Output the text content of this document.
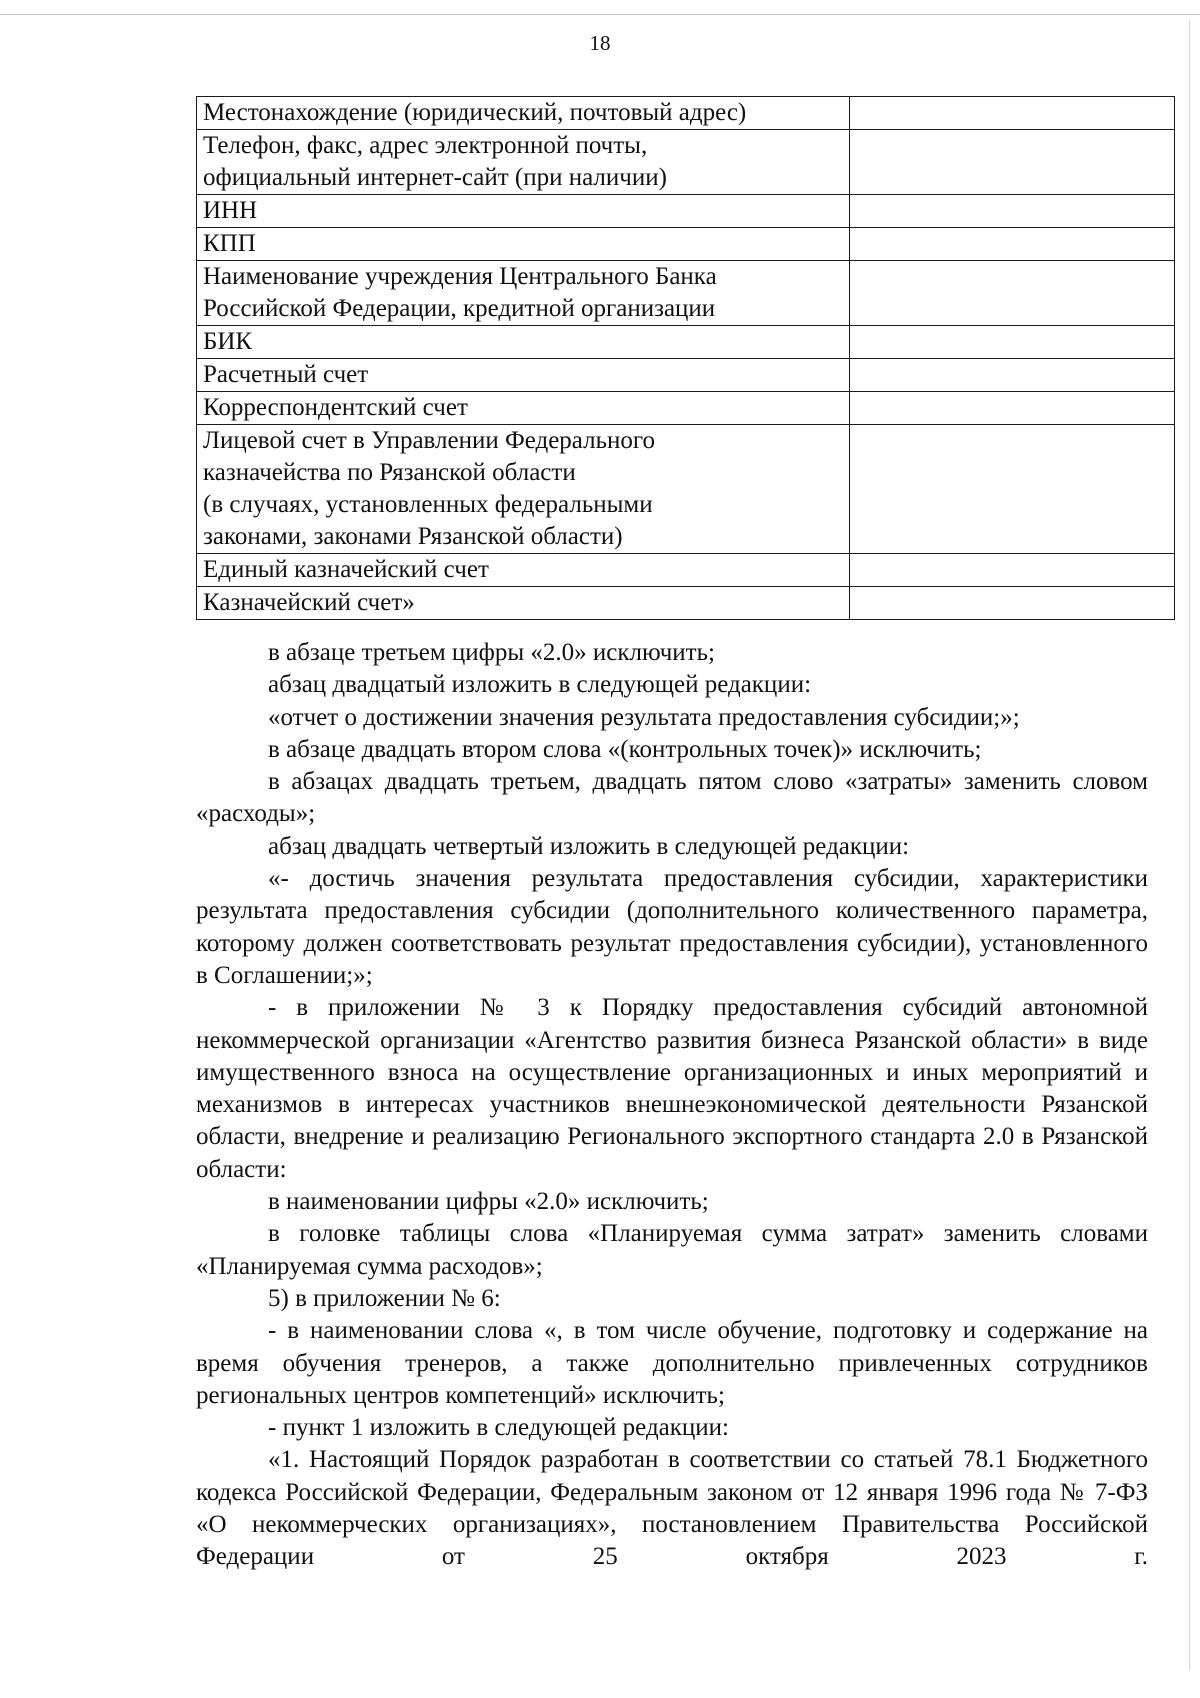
18
Местонахождение (юридический, почтовый адрес)	

Телефон, факс, адрес электронной почты,
официальный интернет-сайт (при наличии)	

ИНН	

КПП	

Наименование учреждения Центрального Банка
Российской Федерации, кредитной организации	

БИК	

Расчетный счет	

Корреспондентский счет	

Лицевой счет в Управлении Федерального
казначейства по Рязанской области
(в случаях, установленных федеральными
законами, законами Рязанской области)	

Единый казначейский счет	

Казначейский счет»	

в абзаце третьем цифры «2.0» исключить;

абзац двадцатый изложить в следующей редакции:

«отчет о достижении значения результата предоставления субсидии;»;

в абзаце двадцать втором слова «(контрольных точек)» исключить;

в абзацах двадцать третьем, двадцать пятом слово «затраты» заменить словом «расходы»;

абзац двадцать четвертый изложить в следующей редакции:

«- достичь значения результата предоставления субсидии, характеристики результата предоставления субсидии (дополнительного количественного параметра, которому должен соответствовать результат предоставления субсидии), установленного в Соглашении;»;

- в приложении № 3 к Порядку предоставления субсидий автономной некоммерческой организации «Агентство развития бизнеса Рязанской области» в виде имущественного взноса на осуществление организационных и иных мероприятий и механизмов в интересах участников внешнеэкономической деятельности Рязанской области, внедрение и реализацию Регионального экспортного стандарта 2.0 в Рязанской области:

в наименовании цифры «2.0» исключить;

в головке таблицы слова «Планируемая сумма затрат» заменить словами «Планируемая сумма расходов»;

5) в приложении № 6:

- в наименовании слова «, в том числе обучение, подготовку и содержание на время обучения тренеров, а также дополнительно привлеченных сотрудников региональных центров компетенций» исключить;

- пункт 1 изложить в следующей редакции:

«1. Настоящий Порядок разработан в соответствии со статьей 78.1 Бюджетного кодекса Российской Федерации, Федеральным законом от 12 января 1996 года № 7-ФЗ «О некоммерческих организациях», постановлением Правительства Российской Федерации от 25 октября 2023 г.
